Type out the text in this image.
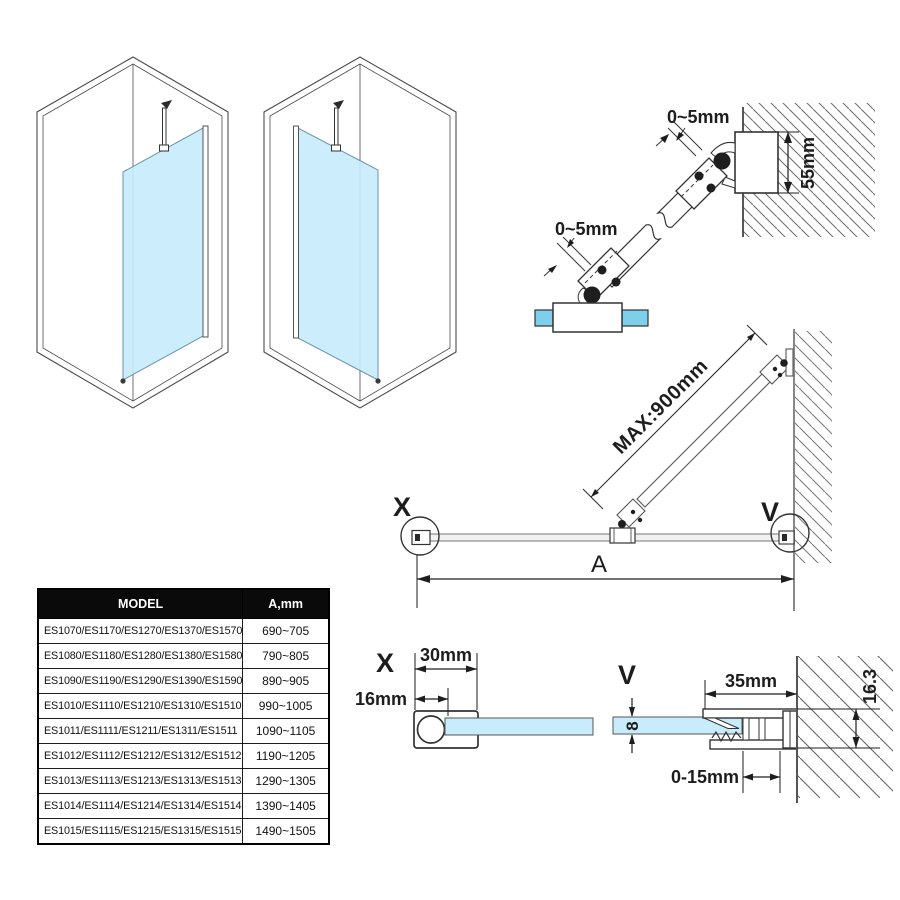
0~5mm
0~5mm
55mm
MAX:900mm
X	V
A
X 30mm
16mm
V	35mm
8
16.3
0-15mm
MODEL	A,mm
ES1070/ES1170/ES1270/ES1370/ES1570	690~705
ES1080/ES1180/ES1280/ES1380/ES1580	790~805
ES1090/ES1190/ES1290/ES1390/ES1590	890~905
ES1010/ES1110/ES1210/ES1310/ES1510	990~1005
ES1011/ES1111/ES1211/ES1311/ES1511	1090~1105
ES1012/ES1112/ES1212/ES1312/ES1512	1190~1205
ES1013/ES1113/ES1213/ES1313/ES1513	1290~1305
ES1014/ES1114/ES1214/ES1314/ES1514	1390~1405
ES1015/ES1115/ES1215/ES1315/ES1515	1490~1505
